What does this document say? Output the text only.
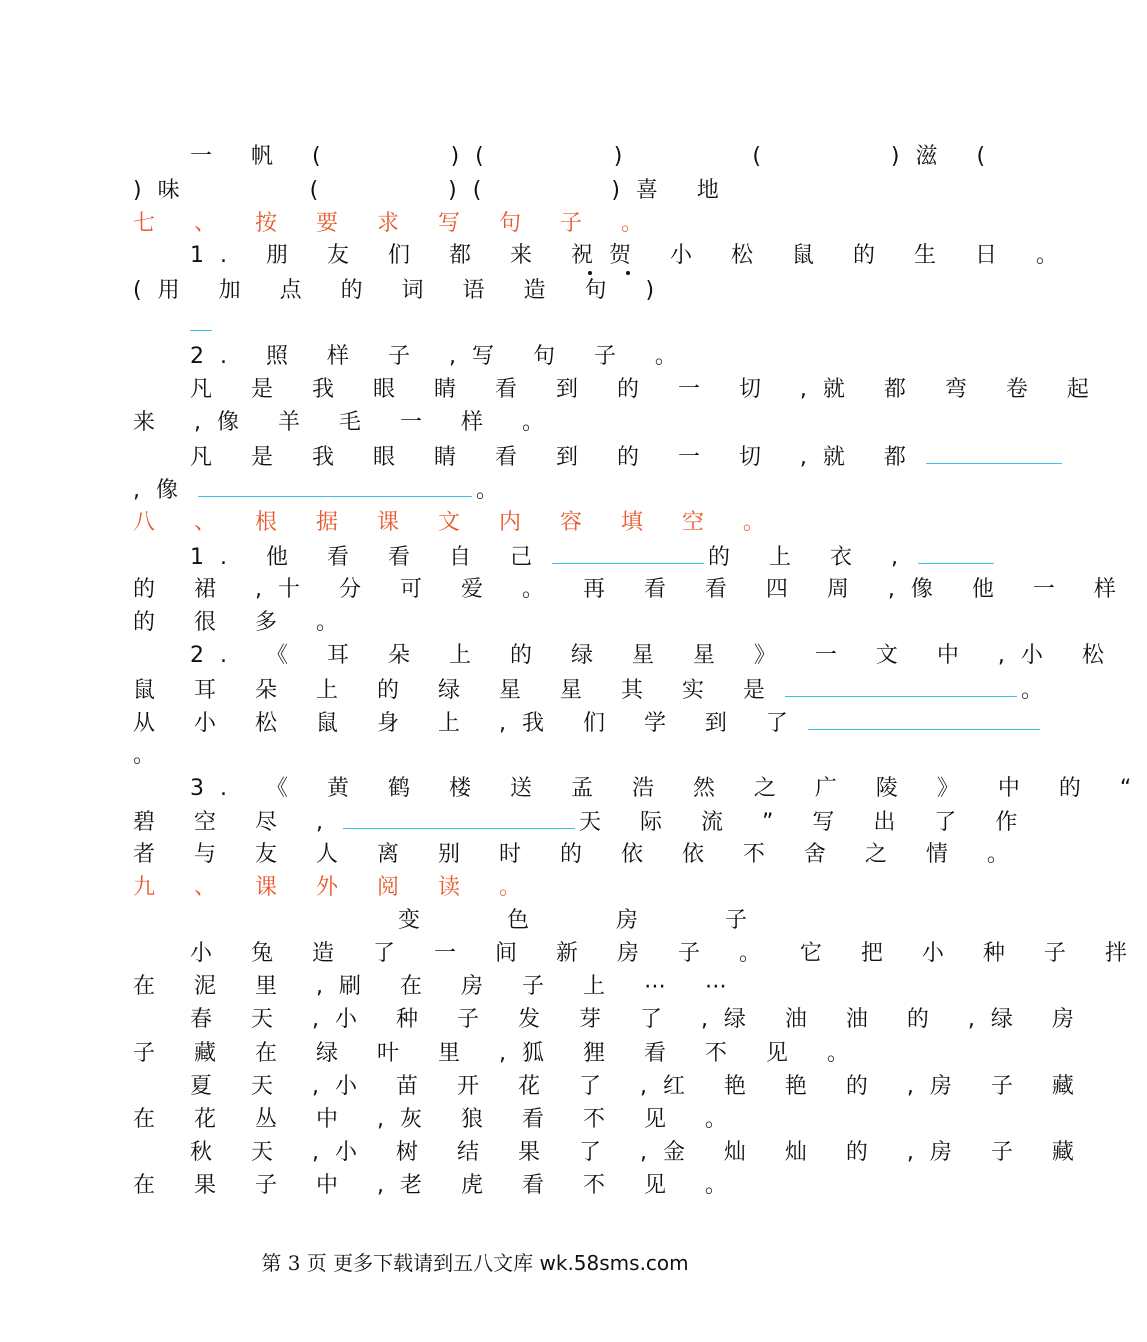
一 帆 (　　　)(　　　)　　　(　　　)滋 (
)味　　　(　　　)(　　　)喜 地
七 、 按 要 求 写 句 子 。
1. 朋 友 们 都 来 祝贺 小 松 鼠 的 生 日 。
(用 加 点 的 词 语 造 句 )
2. 照 样 子 ,写 句 子 。
凡 是 我 眼 睛 看 到 的 一 切 ,就 都 弯 卷 起
来 ,像 羊 毛 一 样 。
凡 是 我 眼 睛 看 到 的 一 切 ,就 都
,像	。
八 、 根 据 课 文 内 容 填 空 。
1. 他 看 看 自 己	的 上 衣 ,
的 裙 ,十 分 可 爱 。 再 看 看 四 周 ,像 他 一 样
的 很 多 。
2. 《 耳 朵 上 的 绿 星 星 》 一 文 中 ,小 松
鼠 耳 朵 上 的 绿 星 星 其 实 是	。
从 小 松 鼠 身 上 ,我 们 学 到 了
。
3. 《 黄 鹤 楼 送 孟 浩 然 之 广 陵 》 中 的 “
碧 空 尽 ,	天 际 流 ” 写 出 了 作
者 与 友 人 离 别 时 的 依 依 不 舍 之 情 。
九 、 课 外 阅 读 。
变 色 房 子
小 兔 造 了 一 间 新 房 子 。 它 把 小 种 子 拌
在 泥 里 ,刷 在 房 子 上 ⋯ ⋯
春 天 ,小 种 子 发 芽 了 ,绿 油 油 的 ,绿 房
子 藏 在 绿 叶 里 ,狐 狸 看 不 见 。
夏 天 ,小 苗 开 花 了 ,红 艳 艳 的 ,房 子 藏
在 花 丛 中 ,灰 狼 看 不 见 。
秋 天 ,小 树 结 果 了 ,金 灿 灿 的 ,房 子 藏
在 果 子 中 ,老 虎 看 不 见 。
第 3 页 更多下载请到五八文库 wk.58sms.com
